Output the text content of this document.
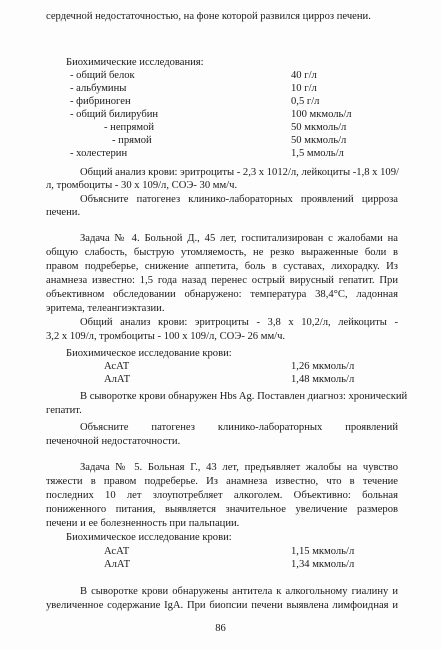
сердечной недостаточностью, на фоне которой развился цирроз печени.
Биохимические исследования:
- общий белок	40 г/л
- альбумины	10 г/л
- фибриноген	0,5 г/л
- общий билирубин	100 мкмоль/л
- непрямой	50 мкмоль/л
- прямой	50 мкмоль/л
- холестерин	1,5 ммоль/л
Общий анализ крови: эритроциты - 2,3 х 1012/л, лейкоциты -1,8 х 109/
л, тромбоциты - 30 х 109/л, СОЭ- 30 мм/ч.
Объясните патогенез клинико-лабораторных проявлений цирроза
печени.
Задача № 4. Больной Д., 45 лет, госпитализирован с жалобами на
общую слабость, быструю утомляемость, не резко выраженные боли в
правом подреберье, снижение аппетита, боль в суставах, лихорадку. Из
анамнеза известно: 1,5 года назад перенес острый вирусный гепатит. При
объективном обследовании обнаружено: температура 38,4°С, ладонная
эритема, телеангиэктазии.
Общий анализ крови: эритроциты - 3,8 х 10,2/л, лейкоциты -
3,2 х 109/л, тромбоциты - 100 х 109/л, СОЭ- 26 мм/ч.
Биохимическое исследование крови:
АсАТ	1,26 мкмоль/л
АлАТ	1,48 мкмоль/л
В сыворотке крови обнаружен Hbs Ag. Поставлен диагноз: хронический
гепатит.
Объясните патогенез клинико-лабораторных проявлений
печеночной недостаточности.
Задача № 5. Больная Г., 43 лет, предъявляет жалобы на чувство
тяжести в правом подреберье. Из анамнеза известно, что в течение
последних 10 лет злоупотребляет алкоголем. Объективно: больная
пониженного питания, выявляется значительное увеличение размеров
печени и ее болезненность при пальпации.
Биохимическое исследование крови:
АсАТ	1,15 мкмоль/л
АлАТ	1,34 мкмоль/л
В сыворотке крови обнаружены антитела к алкогольному гиалину и
увеличенное содержание IgA. При биопсии печени выявлена лимфоидная и
86
